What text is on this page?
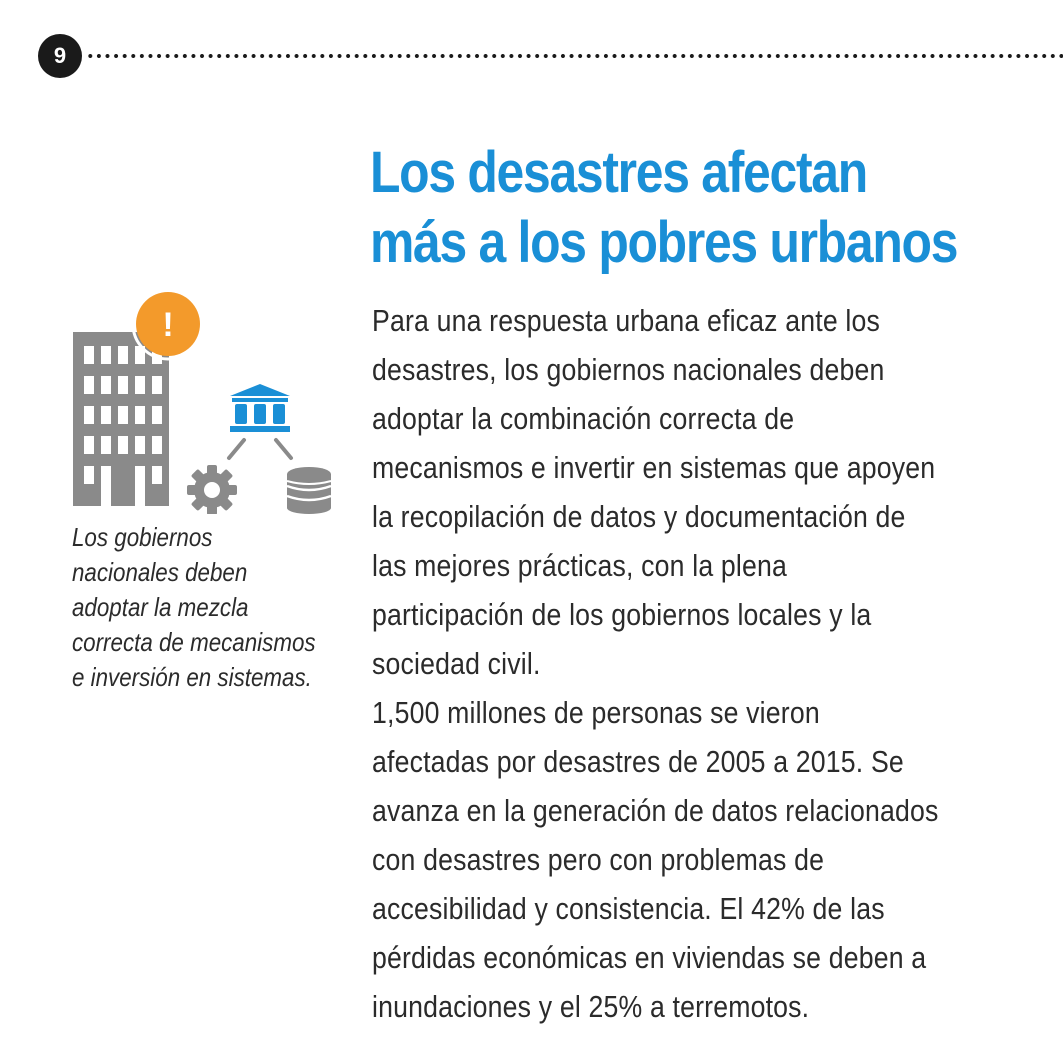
9
Los desastres afectan
más a los pobres urbanos
!

Los gobiernos
nacionales deben
adoptar la mezcla
correcta de mecanismos
e inversión en sistemas.

Para una respuesta urbana eficaz ante los desastres, los gobiernos nacionales deben adoptar la combinación correcta de mecanismos e invertir en sistemas que apoyen la recopilación de datos y documentación de las mejores prácticas, con la plena participación de los gobiernos locales y la sociedad civil.

1,500 millones de personas se vieron afectadas por desastres de 2005 a 2015. Se avanza en la generación de datos relacionados con desastres pero con problemas de accesibilidad y consistencia. El 42% de las pérdidas económicas en viviendas se deben a inundaciones y el 25% a terremotos.
